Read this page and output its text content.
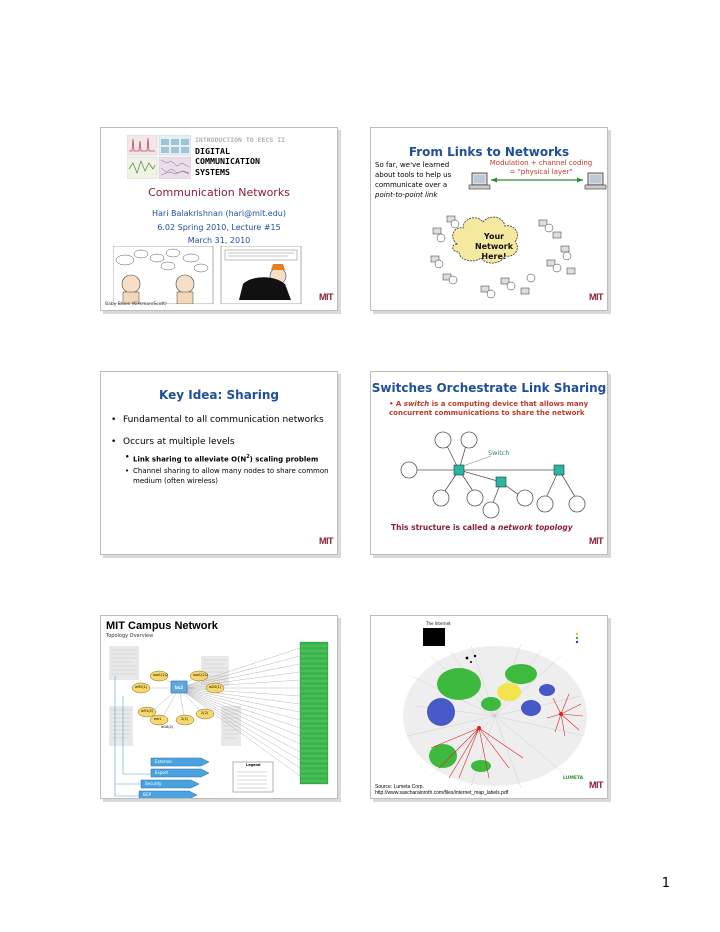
INTRODUCTION TO EECS II
DIGITAL
COMMUNICATION
SYSTEMS
Communication Networks
Hari Balakrishnan (hari@mit.edu)
6.02 Spring 2010, Lecture #15
March 31, 2010
Baby Blues (Kirkman/Scott)
MIT
· · ·
From Links to Networks
So far, we've learned about tools to help us communicate over a point-to-point link
Modulation + channel coding
= "physical layer"
Your
Network
Here!
MIT
· · ·
Key Idea: Sharing
• Fundamental to all communication networks
• Occurs at multiple levels
• Link sharing to alleviate $O(N^2)$ scaling problem
• Channel sharing to allow many nodes to share common medium (often wireless)
MIT
· · ·
Switches Orchestrate Link Sharing
• A switch is a computing device that allows many concurrent communications to share the network
Switch
This structure is called a network topology
MIT
· · ·
MIT Campus Network
Topology Overview
ww1(1)2	ww1(2)1
w92(1)	w20(1)
bs2
w91(2)
ew1	2(1)
2(2)
w16(2)
External
Export
Security
BGP
Legend
The Internet
LUMETA
Source: Lumeta Corp.
http://www.sascharainroth.com/files/internet_map_labels.pdf
MIT
· · ·
1
